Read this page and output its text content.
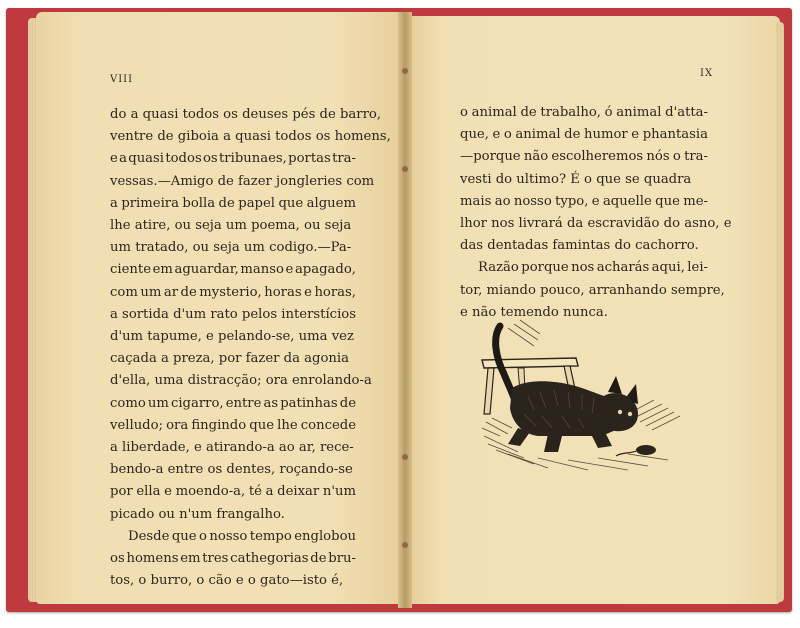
VIII
do a quasi todos os deuses pés de barro,
ventre de giboia a quasi todos os homens,
e a quasi todos os tribunaes, portas tra-
vessas.—Amigo de fazer jongleries com
a primeira bolla de papel que alguem
lhe atire, ou seja um poema, ou seja
um tratado, ou seja um codigo.—Pa-
ciente em aguardar, manso e apagado,
com um ar de mysterio, horas e horas,
a sortida d'um rato pelos interstícios
d'um tapume, e pelando-se, uma vez
caçada a preza, por fazer da agonia
d'ella, uma distracção; ora enrolando-a
como um cigarro, entre as patinhas de
velludo; ora fingindo que lhe concede
a liberdade, e atirando-a ao ar, rece-
bendo-a entre os dentes, roçando-se
por ella e moendo-a, té a deixar n'um
picado ou n'um frangalho.
Desde que o nosso tempo englobou
os homens em tres cathegorias de bru-
tos, o burro, o cão e o gato—isto é,
IX
o animal de trabalho, ó animal d'atta-
que, e o animal de humor e phantasia
—porque não escolheremos nós o tra-
vesti do ultimo? É o que se quadra
mais ao nosso typo, e aquelle que me-
lhor nos livrará da escravidão do asno, e
das dentadas famintas do cachorro.
Razão porque nos acharás aqui, lei-
tor, miando pouco, arranhando sempre,
e não temendo nunca.
